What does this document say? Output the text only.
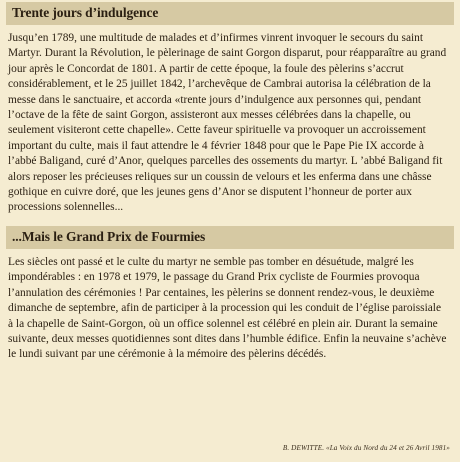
Trente jours d’indulgence

Jusqu’en 1789, une multitude de malades et d’infirmes vinrent invoquer le secours du saint Martyr. Durant la Révolution, le pèlerinage de saint Gorgon disparut, pour réapparaître au grand jour après le Concordat de 1801. A partir de cette époque, la foule des pèlerins s’accrut considérablement, et le 25 juillet 1842, l’archevêque de Cambrai autorisa la célébration de la messe dans le sanctuaire, et accorda «trente jours d’indulgence aux personnes qui, pendant l’octave de la fête de saint Gorgon, assisteront aux messes célébrées dans la chapelle, ou seulement visiteront cette chapelle». Cette faveur spirituelle va provoquer un accroissement important du culte, mais il faut attendre le 4 février 1848 pour que le Pape Pie IX accorde à l’abbé Baligand, curé d’Anor, quelques parcelles des ossements du martyr. L ’abbé Baligand fit alors reposer les précieuses reliques sur un coussin de velours et les enferma dans une châsse gothique en cuivre doré, que les jeunes gens d’Anor se disputent l’honneur de porter aux processions solennelles...

...Mais le Grand Prix de Fourmies

Les siècles ont passé et le culte du martyr ne semble pas tomber en désuétude, malgré les impondérables : en 1978 et 1979, le passage du Grand Prix cycliste de Fourmies provoqua l’annulation des cérémonies ! Par centaines, les pèlerins se donnent rendez-vous, le deuxième dimanche de septembre, afin de participer à la procession qui les conduit de l’église paroissiale à la chapelle de Saint-Gorgon, où un office solennel est célébré en plein air. Durant la semaine suivante, deux messes quotidiennes sont dites dans l’humble édifice. Enfin la neuvaine s’achève le lundi suivant par une cérémonie à la mémoire des pèlerins décédés.

B. DEWITTE. «La Voix du Nord du 24 et 26 Avril 1981»
